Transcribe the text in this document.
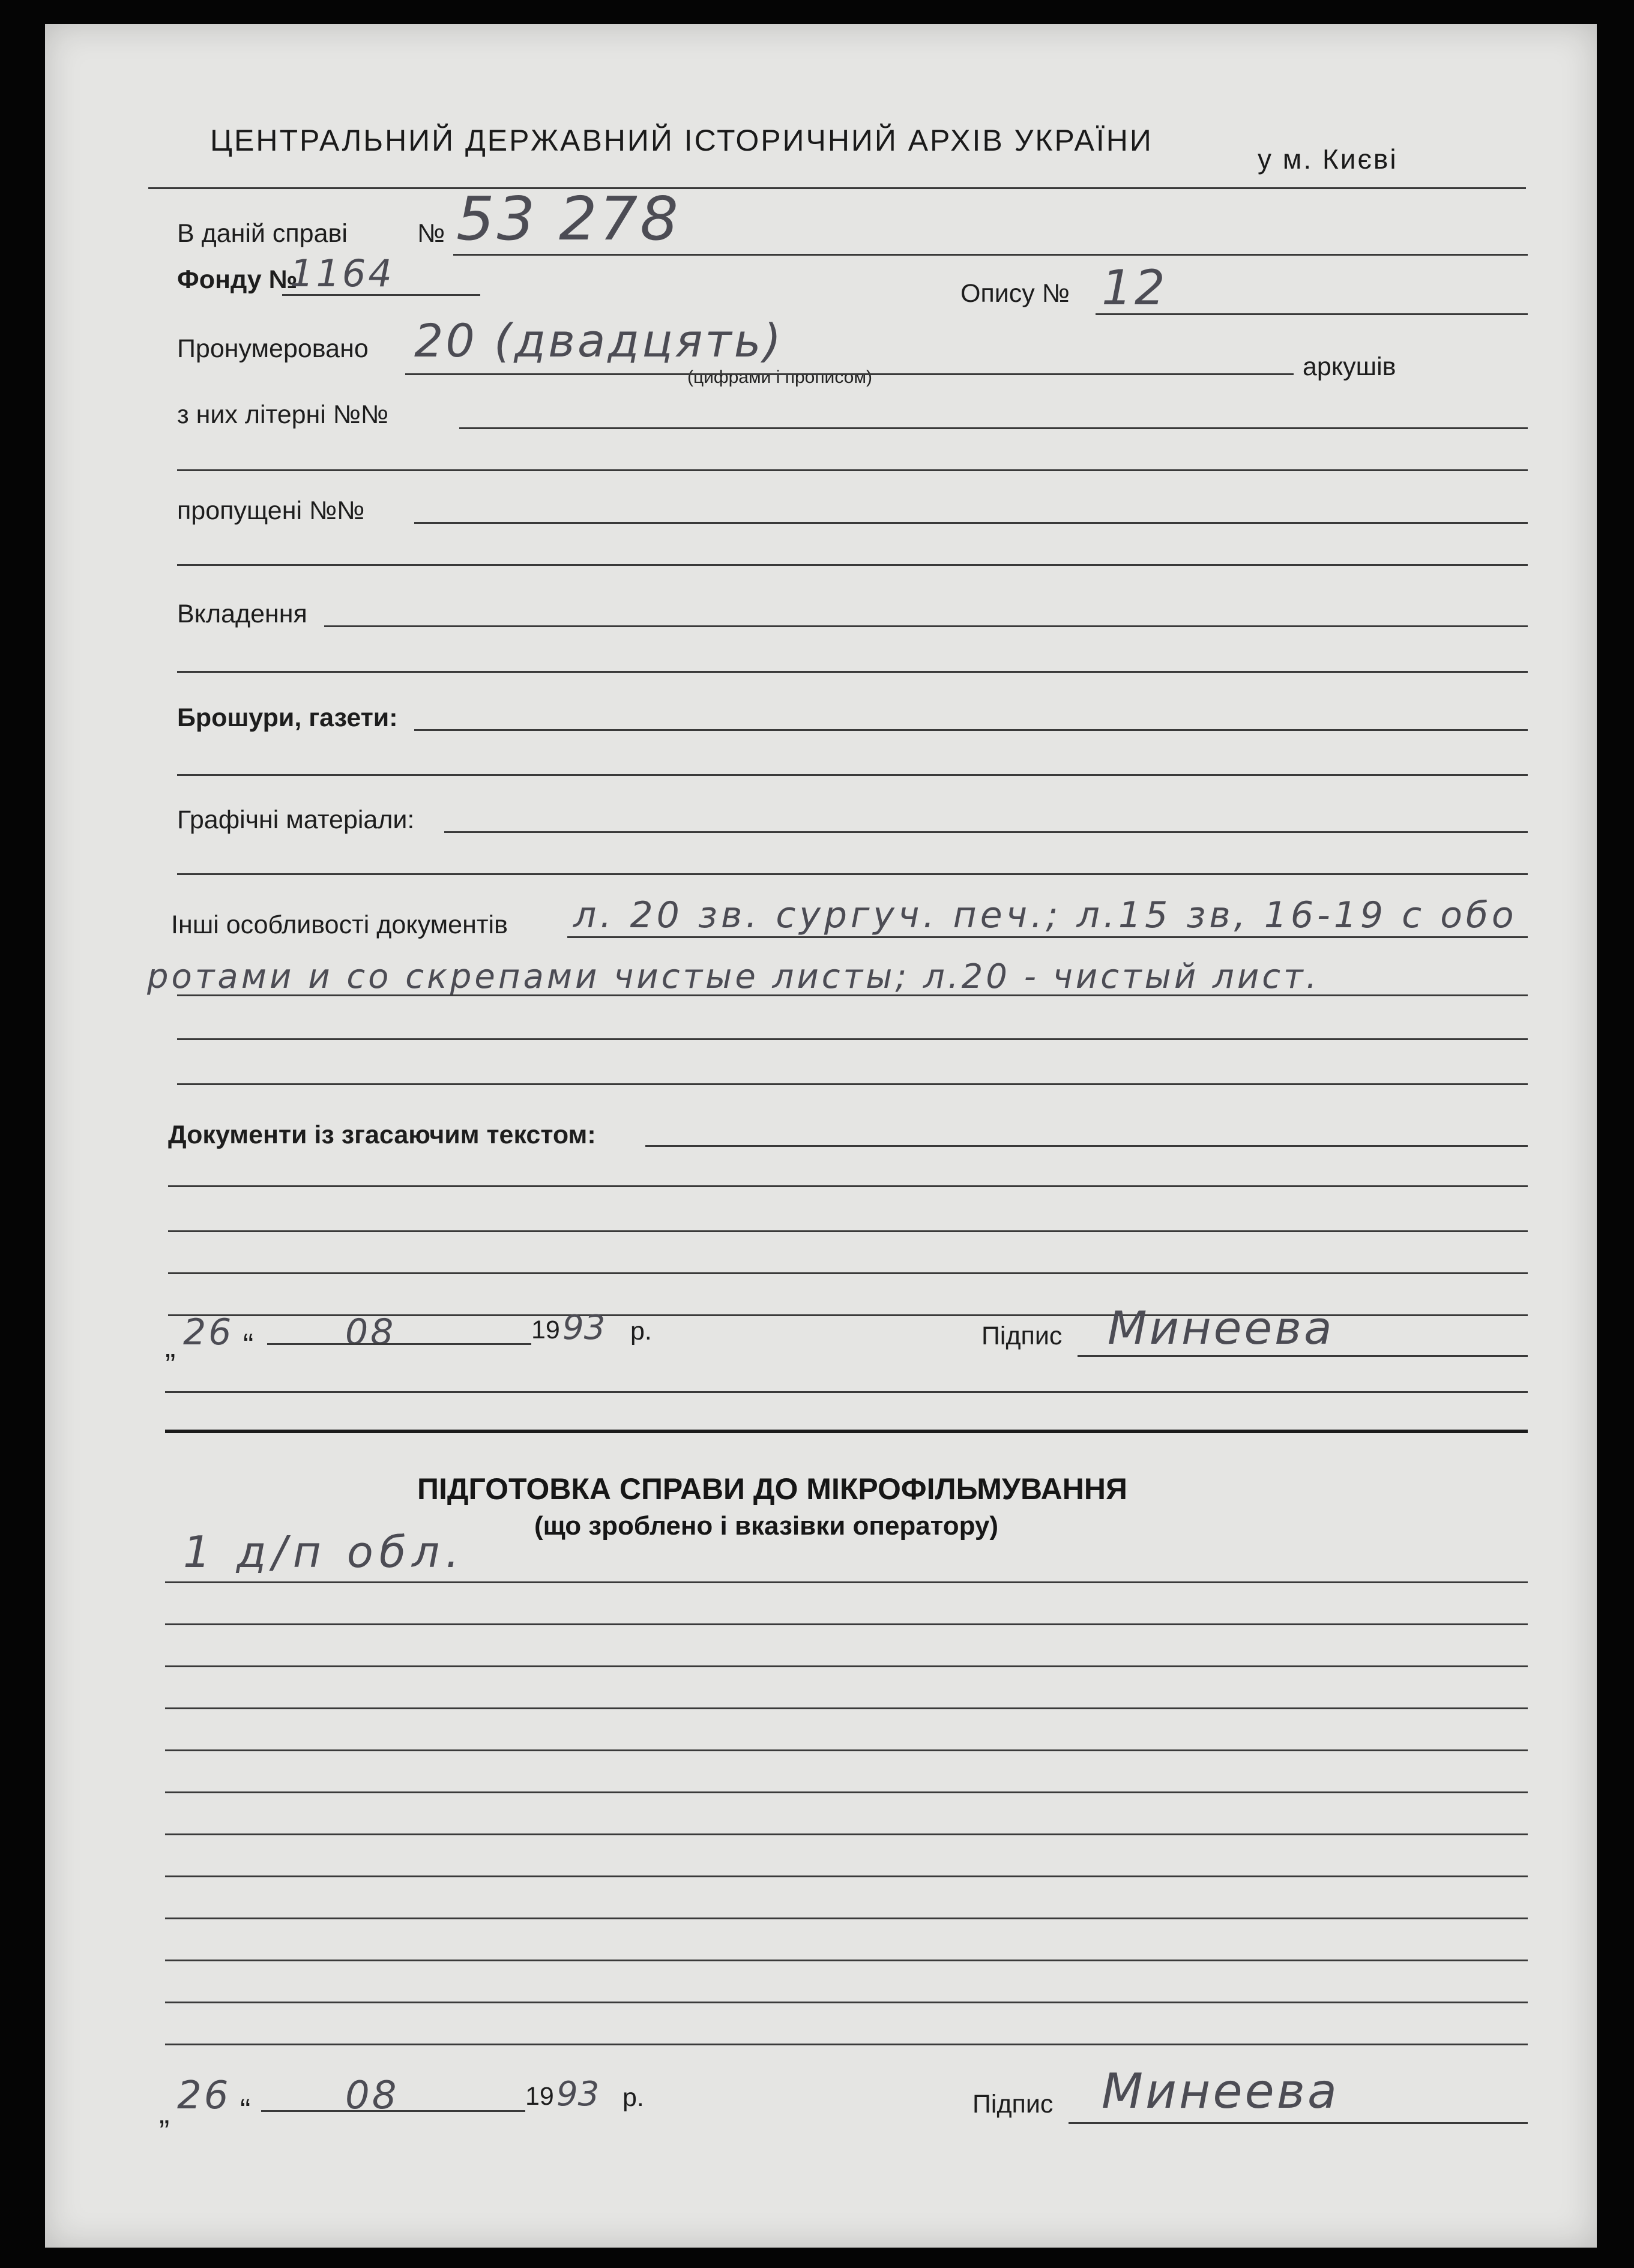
ЦЕНТРАЛЬНИЙ ДЕРЖАВНИЙ ІСТОРИЧНИЙ АРХІВ УКРАЇНИ
у м. Києві
В даній справі	№ 53 278
Фонду №
1164	Опису № 12
Пронумеровано 20 (двадцять)
(цифрами і прописом)	аркушів
з них літерні №№
пропущені №№
Вкладення
Брошури, газети:
Графічні матеріали:
Інші особливості документів л. 20 зв. сургуч. печ.; л.15 зв, 16-19 с обо
ротами и со скрепами чистые листы; л.20 - чистый лист.
Документи із згасаючим текстом:
„ 26 “	08	19 93 р.	Підпис Минеева
ПІДГОТОВКА СПРАВИ ДО МІКРОФІЛЬМУВАННЯ
(що зроблено і вказівки оператору)
1 д/п обл.
„ 26 “ 08	19 93 р.	Підпис Минеева
